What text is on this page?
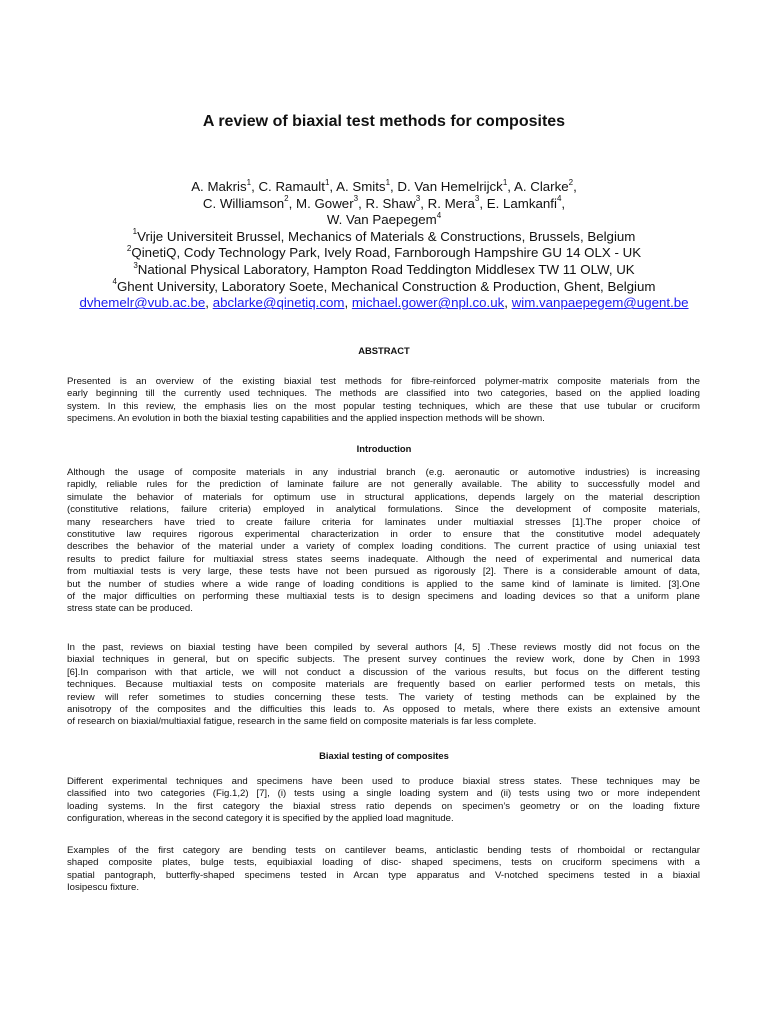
A review of biaxial test methods for composites
A. Makris$^1$, C. Ramault$^1$, A. Smits$^1$, D. Van Hemelrijck$^1$, A. Clarke$^2$,
C. Williamson$^2$, M. Gower$^3$, R. Shaw$^3$, R. Mera$^3$, E. Lamkanfi$^4$,
W. Van Paepegem$^4$
$^1$Vrije Universiteit Brussel, Mechanics of Materials & Constructions, Brussels, Belgium
$^2$QinetiQ, Cody Technology Park, Ively Road, Farnborough Hampshire GU 14 OLX - UK
$^3$National Physical Laboratory, Hampton Road Teddington Middlesex TW 11 OLW, UK
$^4$Ghent University, Laboratory Soete, Mechanical Construction & Production, Ghent, Belgium
dvhemelr@vub.ac.be, abclarke@qinetiq.com, michael.gower@npl.co.uk, wim.vanpaepegem@ugent.be
ABSTRACT
Presented is an overview of the existing biaxial test methods for fibre-reinforced polymer-matrix composite materials from the
early beginning till the currently used techniques. The methods are classified into two categories, based on the applied loading
system. In this review, the emphasis lies on the most popular testing techniques, which are these that use tubular or cruciform
specimens. An evolution in both the biaxial testing capabilities and the applied inspection methods will be shown.
Introduction
Although the usage of composite materials in any industrial branch (e.g. aeronautic or automotive industries) is increasing
rapidly, reliable rules for the prediction of laminate failure are not generally available. The ability to successfully model and
simulate the behavior of materials for optimum use in structural applications, depends largely on the material description
(constitutive relations, failure criteria) employed in analytical formulations. Since the development of composite materials,
many researchers have tried to create failure criteria for laminates under multiaxial stresses [1].The proper choice of
constitutive law requires rigorous experimental characterization in order to ensure that the constitutive model adequately
describes the behavior of the material under a variety of complex loading conditions. The current practice of using uniaxial test
results to predict failure for multiaxial stress states seems inadequate. Although the need of experimental and numerical data
from multiaxial tests is very large, these tests have not been pursued as rigorously [2]. There is a considerable amount of data,
but the number of studies where a wide range of loading conditions is applied to the same kind of laminate is limited. [3].One
of the major difficulties on performing these multiaxial tests is to design specimens and loading devices so that a uniform plane
stress state can be produced.
In the past, reviews on biaxial testing have been compiled by several authors [4, 5] .These reviews mostly did not focus on the
biaxial techniques in general, but on specific subjects. The present survey continues the review work, done by Chen in 1993
[6].In comparison with that article, we will not conduct a discussion of the various results, but focus on the different testing
techniques. Because multiaxial tests on composite materials are frequently based on earlier performed tests on metals, this
review will refer sometimes to studies concerning these tests. The variety of testing methods can be explained by the
anisotropy of the composites and the difficulties this leads to. As opposed to metals, where there exists an extensive amount
of research on biaxial/multiaxial fatigue, research in the same field on composite materials is far less complete.
Biaxial testing of composites
Different experimental techniques and specimens have been used to produce biaxial stress states. These techniques may be
classified into two categories (Fig.1,2) [7], (i) tests using a single loading system and (ii) tests using two or more independent
loading systems. In the first category the biaxial stress ratio depends on specimen’s geometry or on the loading fixture
configuration, whereas in the second category it is specified by the applied load magnitude.
Examples of the first category are bending tests on cantilever beams, anticlastic bending tests of rhomboidal or rectangular
shaped composite plates, bulge tests, equibiaxial loading of disc- shaped specimens, tests on cruciform specimens with a
spatial pantograph, butterfly-shaped specimens tested in Arcan type apparatus and V-notched specimens tested in a biaxial
Iosipescu fixture.
